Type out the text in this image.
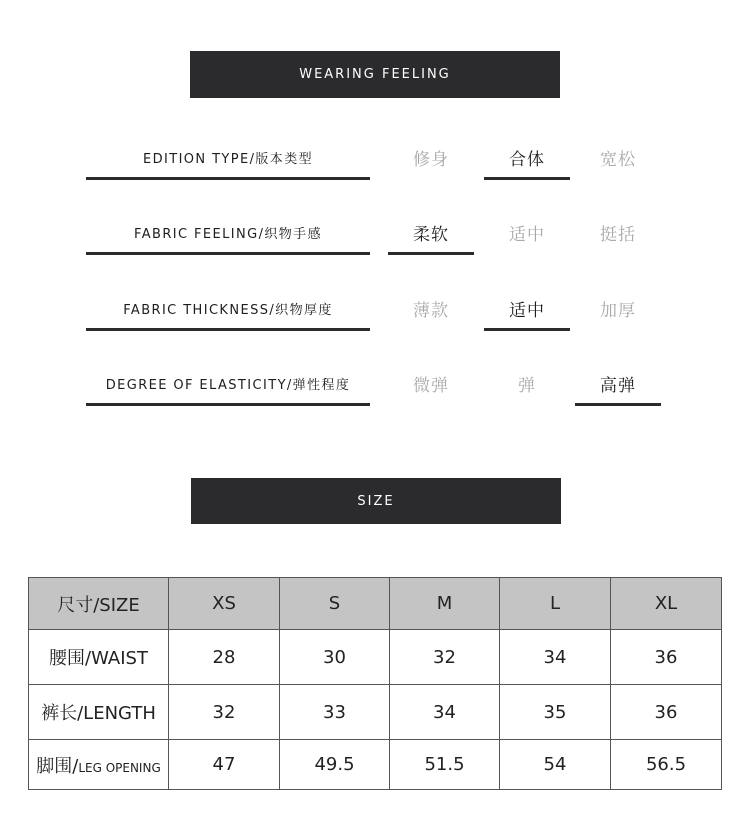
WEARING FEELING
EDITION TYPE/版本类型	修身	合体	宽松
FABRIC FEELING/织物手感	柔软	适中	挺括
FABRIC THICKNESS/织物厚度	薄款	适中	加厚
DEGREE OF ELASTICITY/弹性程度	微弹	弹	高弹
SIZE
尺寸/SIZE	XS	S	M	L	XL
腰围/WAIST	28	30	32	34	36
裤长/LENGTH	32	33	34	35	36
脚围/LEG OPENING	47	49.5	51.5	54	56.5
